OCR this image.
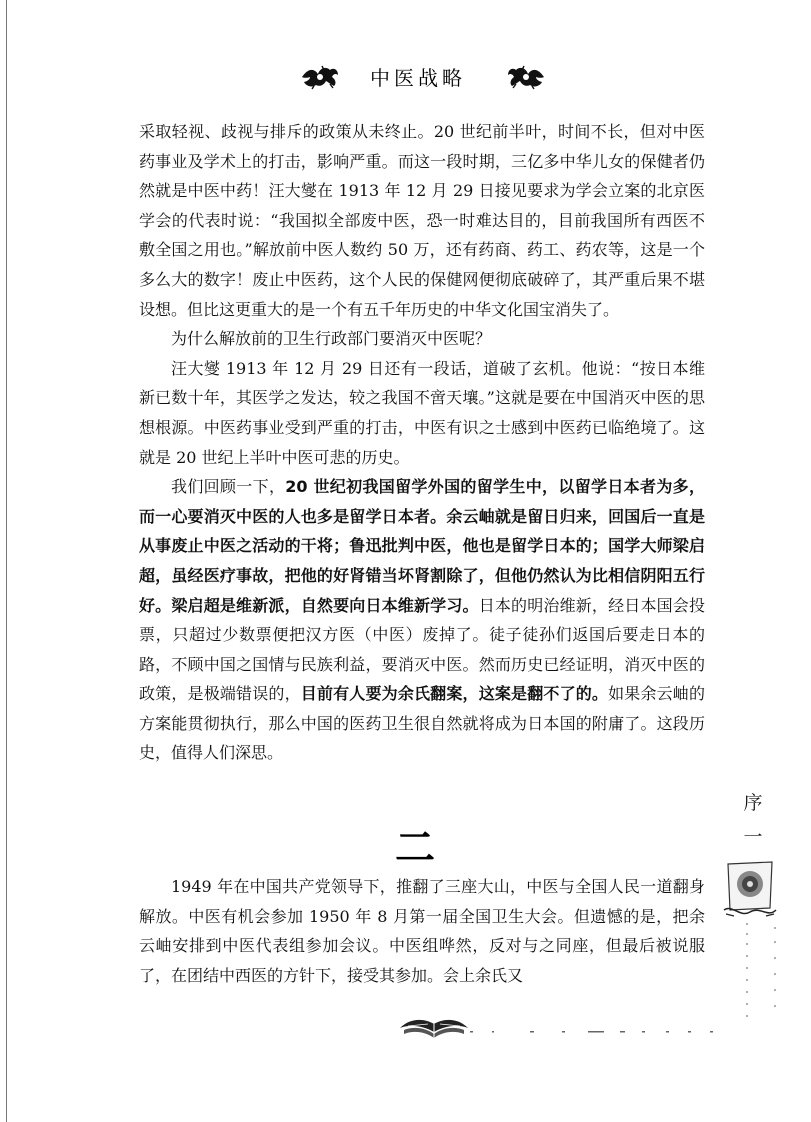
中医战略

采取轻视、歧视与排斥的政策从未终止。20 世纪前半叶，时间不长，但对中医药事业及学术上的打击，影响严重。而这一段时期，三亿多中华儿女的保健者仍然就是中医中药！汪大燮在 1913 年 12 月 29 日接见要求为学会立案的北京医学会的代表时说：“我国拟全部废中医，恐一时难达目的，目前我国所有西医不敷全国之用也。”解放前中医人数约 50 万，还有药商、药工、药农等，这是一个多么大的数字！废止中医药，这个人民的保健网便彻底破碎了，其严重后果不堪设想。但比这更重大的是一个有五千年历史的中华文化国宝消失了。

为什么解放前的卫生行政部门要消灭中医呢？

汪大燮 1913 年 12 月 29 日还有一段话，道破了玄机。他说：“按日本维新已数十年，其医学之发达，较之我国不啻天壤。”这就是要在中国消灭中医的思想根源。中医药事业受到严重的打击，中医有识之士感到中医药已临绝境了。这就是 20 世纪上半叶中医可悲的历史。

我们回顾一下，20 世纪初我国留学外国的留学生中，以留学日本者为多，而一心要消灭中医的人也多是留学日本者。余云岫就是留日归来，回国后一直是从事废止中医之活动的干将；鲁迅批判中医，他也是留学日本的；国学大师梁启超，虽经医疗事故，把他的好肾错当坏肾割除了，但他仍然认为比相信阴阳五行好。梁启超是维新派，自然要向日本维新学习。日本的明治维新，经日本国会投票，只超过少数票便把汉方医（中医）废掉了。徒子徒孙们返国后要走日本的路，不顾中国之国情与民族利益，要消灭中医。然而历史已经证明，消灭中医的政策，是极端错误的，目前有人要为余氏翻案，这案是翻不了的。如果余云岫的方案能贯彻执行，那么中国的医药卫生很自然就将成为日本国的附庸了。这段历史，值得人们深思。

二

1949 年在中国共产党领导下，推翻了三座大山，中医与全国人民一道翻身解放。中医有机会参加 1950 年 8 月第一届全国卫生大会。但遗憾的是，把余云岫安排到中医代表组参加会议。中医组哗然，反对与之同座，但最后被说服了，在团结中西医的方针下，接受其参加。会上余氏又

序
一
